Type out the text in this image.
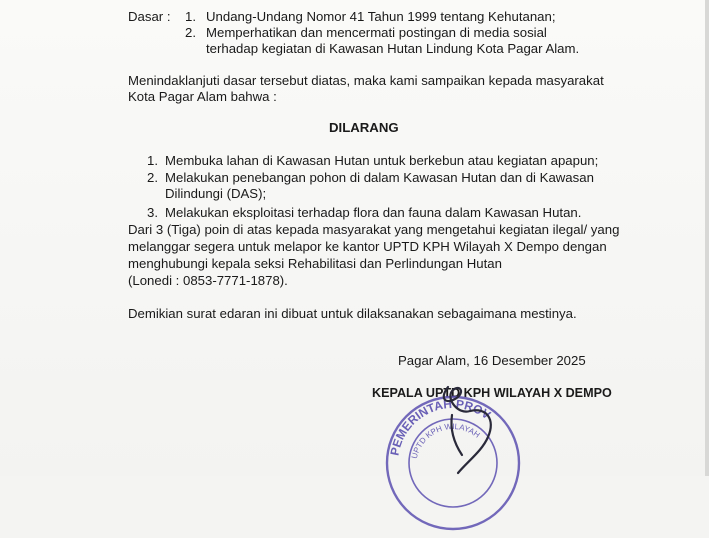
Dasar : 1. Undang-Undang Nomor 41 Tahun 1999 tentang Kehutanan;
2. Memperhatikan dan mencermati postingan di media sosial
terhadap kegiatan di Kawasan Hutan Lindung Kota Pagar Alam.
Menindaklanjuti dasar tersebut diatas, maka kami sampaikan kepada masyarakat
Kota Pagar Alam bahwa :
DILARANG
1. Membuka lahan di Kawasan Hutan untuk berkebun atau kegiatan apapun;
2. Melakukan penebangan pohon di dalam Kawasan Hutan dan di Kawasan
Dilindungi (DAS);
3. Melakukan eksploitasi terhadap flora dan fauna dalam Kawasan Hutan.
Dari 3 (Tiga) poin di atas kepada masyarakat yang mengetahui kegiatan ilegal/ yang
melanggar segera untuk melapor ke kantor UPTD KPH Wilayah X Dempo dengan
menghubungi kepala seksi Rehabilitasi dan Perlindungan Hutan
(Lonedi : 0853-7771-1878).
Demikian surat edaran ini dibuat untuk dilaksanakan sebagaimana mestinya.
Pagar Alam, 16 Desember 2025
KEPALA UPTD KPH WILAYAH X DEMPO
PEMERINTAH PROV
UPTD KPH WILAYAH
